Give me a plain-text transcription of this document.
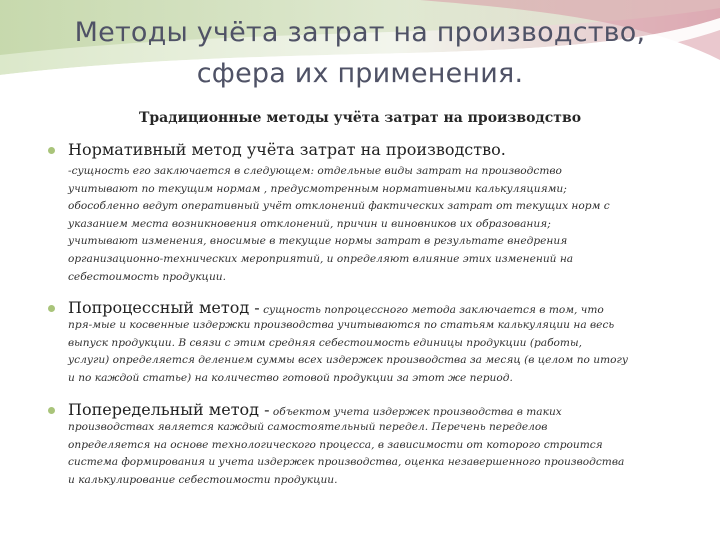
Методы учёта затрат на производство,
сфера их применения.
Традиционные методы учёта затрат на производство
Нормативный метод учёта затрат на производство.
-сущность его заключается в следующем: отдельные виды затрат на производство
учитывают по текущим нормам , предусмотренным нормативными калькуляциями;
обособленно ведут оперативный учёт отклонений фактических затрат от текущих норм с
указанием места возникновения отклонений, причин и виновников их образования;
учитывают изменения, вносимые в текущие нормы затрат в результате внедрения
организационно-технических мероприятий, и определяют влияние этих изменений на
себестоимость продукции.
Попроцессный метод - сущность попроцессного метода заключается в том, что
пря-мые и косвенные издержки производства учитываются по статьям калькуляции на весь
выпуск продукции. В связи с этим средняя себестоимость единицы продукции (работы,
услуги) определяется делением суммы всех издержек производства за месяц (в целом по итогу
и по каждой статье) на количество готовой продукции за этот же период.
Попередельный метод - объектом учета издержек производства в таких
производствах является каждый самостоятельный передел. Перечень переделов
определяется на основе технологического процесса, в зависимости от которого строится
система формирования и учета издержек производства, оценка незавершенного производства
и калькулирование себестоимости продукции.
